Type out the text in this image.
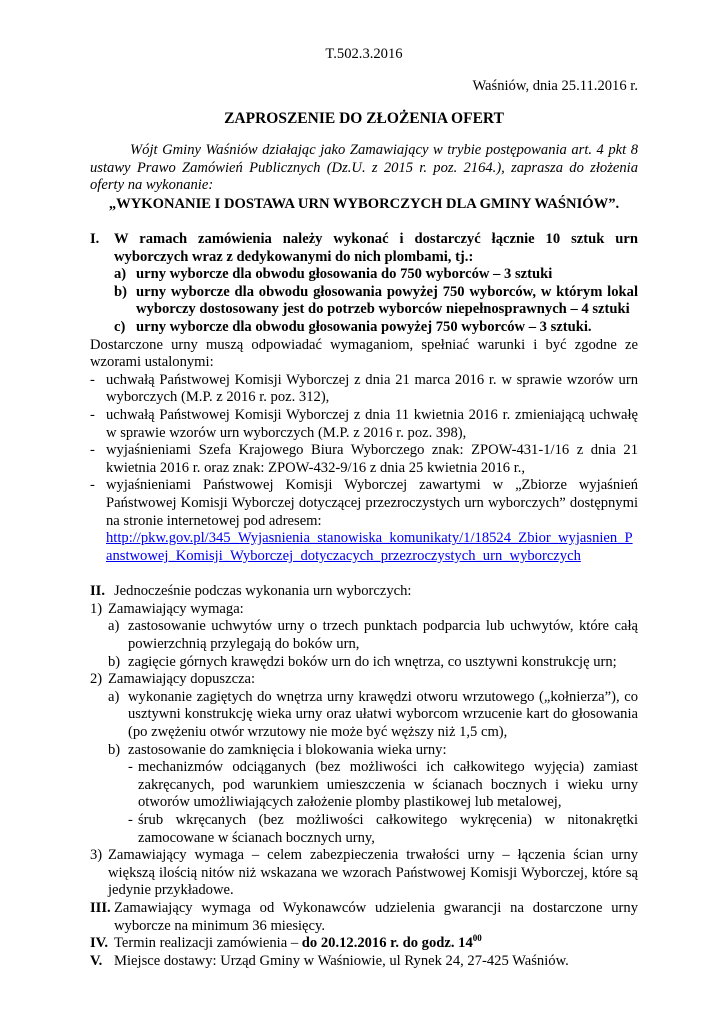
T.502.3.2016
Waśniów, dnia 25.11.2016 r.
ZAPROSZENIE DO ZŁOŻENIA OFERT

Wójt Gminy Waśniów działając jako Zamawiający w trybie postępowania art. 4 pkt 8 ustawy Prawo Zamówień Publicznych (Dz.U. z 2015 r. poz. 2164.), zaprasza do złożenia oferty na wykonanie:

„WYKONANIE I DOSTAWA URN WYBORCZYCH DLA GMINY WAŚNIÓW”.
I.	W ramach zamówienia należy wykonać i dostarczyć łącznie 10 sztuk urn wyborczych wraz z dedykowanymi do nich plombami, tj.:
a) urny wyborcze dla obwodu głosowania do 750 wyborców – 3 sztuki
b) urny wyborcze dla obwodu głosowania powyżej 750 wyborców, w którym lokal wyborczy dostosowany jest do potrzeb wyborców niepełnosprawnych – 4 sztuki
c) urny wyborcze dla obwodu głosowania powyżej 750 wyborców – 3 sztuki.
Dostarczone urny muszą odpowiadać wymaganiom, spełniać warunki i być zgodne ze wzorami ustalonymi:
- uchwałą Państwowej Komisji Wyborczej z dnia 21 marca 2016 r. w sprawie wzorów urn wyborczych (M.P. z 2016 r. poz. 312),
- uchwałą Państwowej Komisji Wyborczej z dnia 11 kwietnia 2016 r. zmieniającą uchwałę w sprawie wzorów urn wyborczych (M.P. z 2016 r. poz. 398),
- wyjaśnieniami Szefa Krajowego Biura Wyborczego znak: ZPOW-431-1/16 z dnia 21 kwietnia 2016 r. oraz znak: ZPOW-432-9/16 z dnia 25 kwietnia 2016 r.,
- wyjaśnieniami Państwowej Komisji Wyborczej zawartymi w „Zbiorze wyjaśnień Państwowej Komisji Wyborczej dotyczącej przezroczystych urn wyborczych” dostępnymi na stronie internetowej pod adresem:
http://pkw.gov.pl/345_Wyjasnienia_stanowiska_komunikaty/1/18524_Zbior_wyjasnien_Panstwowej_Komisji_Wyborczej_dotyczacych_przezroczystych_urn_wyborczych
II. Jednocześnie podczas wykonania urn wyborczych:
1) Zamawiający wymaga:
a) zastosowanie uchwytów urny o trzech punktach podparcia lub uchwytów, które całą powierzchnią przylegają do boków urn,
b) zagięcie górnych krawędzi boków urn do ich wnętrza, co usztywni konstrukcję urn;
2) Zamawiający dopuszcza:
a) wykonanie zagiętych do wnętrza urny krawędzi otworu wrzutowego („kołnierza”), co usztywni konstrukcję wieka urny oraz ułatwi wyborcom wrzucenie kart do głosowania (po zwężeniu otwór wrzutowy nie może być węższy niż 1,5 cm),
b) zastosowanie do zamknięcia i blokowania wieka urny:
- mechanizmów odciąganych (bez możliwości ich całkowitego wyjęcia) zamiast zakręcanych, pod warunkiem umieszczenia w ścianach bocznych i wieku urny otworów umożliwiających założenie plomby plastikowej lub metalowej,
- śrub wkręcanych (bez możliwości całkowitego wykręcenia) w nitonakrętki zamocowane w ścianach bocznych urny,
3) Zamawiający wymaga – celem zabezpieczenia trwałości urny – łączenia ścian urny większą ilością nitów niż wskazana we wzorach Państwowej Komisji Wyborczej, które są jedynie przykładowe.
III. Zamawiający wymaga od Wykonawców udzielenia gwarancji na dostarczone urny wyborcze na minimum 36 miesięcy.
IV. Termin realizacji zamówienia – do 20.12.2016 r. do godz. $14^{00}$
V. Miejsce dostawy: Urząd Gminy w Waśniowie, ul Rynek 24, 27-425 Waśniów.
